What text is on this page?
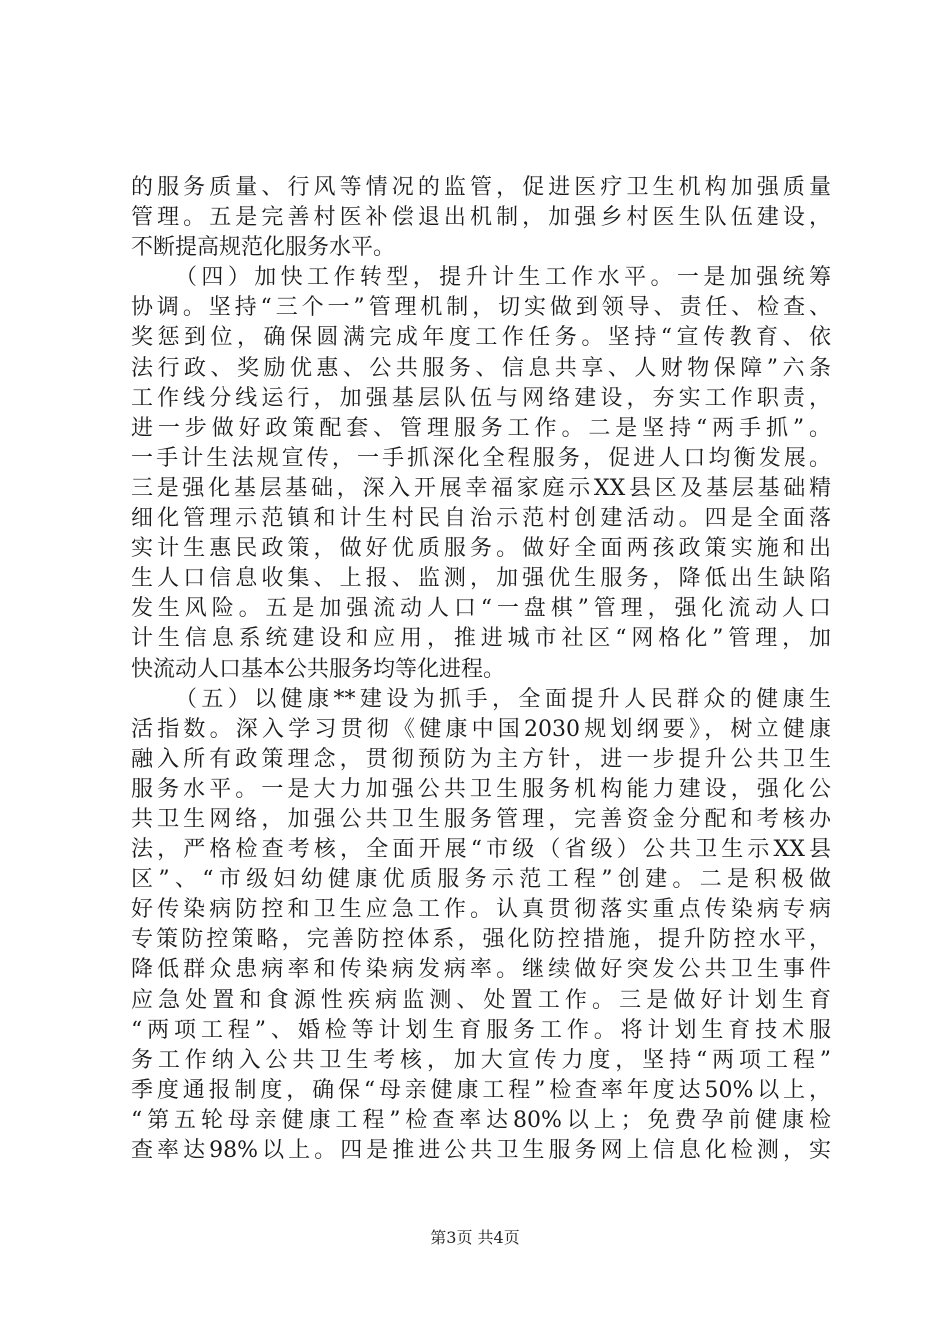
的服务质量、行风等情况的监管，促进医疗卫生机构加强质量
管理。五是完善村医补偿退出机制，加强乡村医生队伍建设，
不断提高规范化服务水平。
（四）加快工作转型，提升计生工作水平。一是加强统筹
协调。坚持“三个一”管理机制，切实做到领导、责任、检查、
奖惩到位，确保圆满完成年度工作任务。坚持“宣传教育、依
法行政、奖励优惠、公共服务、信息共享、人财物保障”六条
工作线分线运行，加强基层队伍与网络建设，夯实工作职责，
进一步做好政策配套、管理服务工作。二是坚持“两手抓”。
一手计生法规宣传，一手抓深化全程服务，促进人口均衡发展。
三是强化基层基础，深入开展幸福家庭示XX县区及基层基础精
细化管理示范镇和计生村民自治示范村创建活动。四是全面落
实计生惠民政策，做好优质服务。做好全面两孩政策实施和出
生人口信息收集、上报、监测，加强优生服务，降低出生缺陷
发生风险。五是加强流动人口“一盘棋”管理，强化流动人口
计生信息系统建设和应用，推进城市社区“网格化”管理，加
快流动人口基本公共服务均等化进程。
（五）以健康**建设为抓手，全面提升人民群众的健康生
活指数。深入学习贯彻《健康中国2030规划纲要》，树立健康
融入所有政策理念，贯彻预防为主方针，进一步提升公共卫生
服务水平。一是大力加强公共卫生服务机构能力建设，强化公
共卫生网络，加强公共卫生服务管理，完善资金分配和考核办
法，严格检查考核，全面开展“市级（省级）公共卫生示XX县
区”、“市级妇幼健康优质服务示范工程”创建。二是积极做
好传染病防控和卫生应急工作。认真贯彻落实重点传染病专病
专策防控策略，完善防控体系，强化防控措施，提升防控水平，
降低群众患病率和传染病发病率。继续做好突发公共卫生事件
应急处置和食源性疾病监测、处置工作。三是做好计划生育
“两项工程”、婚检等计划生育服务工作。将计划生育技术服
务工作纳入公共卫生考核，加大宣传力度，坚持“两项工程”
季度通报制度，确保“母亲健康工程”检查率年度达50%以上，
“第五轮母亲健康工程”检查率达80%以上；免费孕前健康检
查率达98%以上。四是推进公共卫生服务网上信息化检测，实
第3页 共4页
